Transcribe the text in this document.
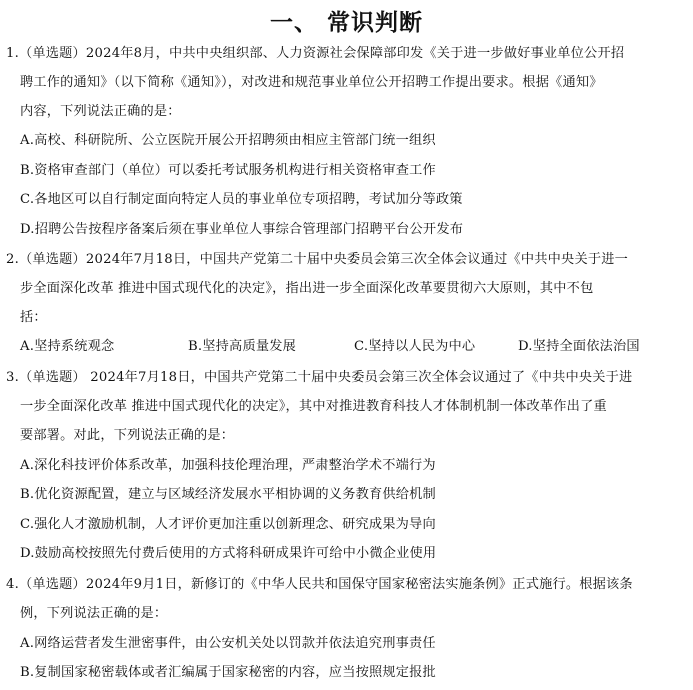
一、 常识判断
1.（单选题）2024年8月，中共中央组织部、人力资源社会保障部印发《关于进一步做好事业单位公开招
聘工作的通知》（以下简称《通知》），对改进和规范事业单位公开招聘工作提出要求。根据《通知》
内容，下列说法正确的是：
A.高校、科研院所、公立医院开展公开招聘须由相应主管部门统一组织
B.资格审查部门（单位）可以委托考试服务机构进行相关资格审查工作
C.各地区可以自行制定面向特定人员的事业单位专项招聘，考试加分等政策
D.招聘公告按程序备案后须在事业单位人事综合管理部门招聘平台公开发布
2.（单选题）2024年7月18日，中国共产党第二十届中央委员会第三次全体会议通过《中共中央关于进一
步全面深化改革 推进中国式现代化的决定》，指出进一步全面深化改革要贯彻六大原则，其中不包
括：
A.坚持系统观念	B.坚持高质量发展	C.坚持以人民为中心	D.坚持全面依法治国
3.（单选题） 2024年7月18日，中国共产党第二十届中央委员会第三次全体会议通过了《中共中央关于进
一步全面深化改革 推进中国式现代化的决定》，其中对推进教育科技人才体制机制一体改革作出了重
要部署。对此，下列说法正确的是：
A.深化科技评价体系改革，加强科技伦理治理，严肃整治学术不端行为
B.优化资源配置，建立与区域经济发展水平相协调的义务教育供给机制
C.强化人才激励机制，人才评价更加注重以创新理念、研究成果为导向
D.鼓励高校按照先付费后使用的方式将科研成果许可给中小微企业使用
4.（单选题）2024年9月1日，新修订的《中华人民共和国保守国家秘密法实施条例》正式施行。根据该条
例，下列说法正确的是：
A.网络运营者发生泄密事件，由公安机关处以罚款并依法追究刑事责任
B.复制国家秘密载体或者汇编属于国家秘密的内容，应当按照规定报批
